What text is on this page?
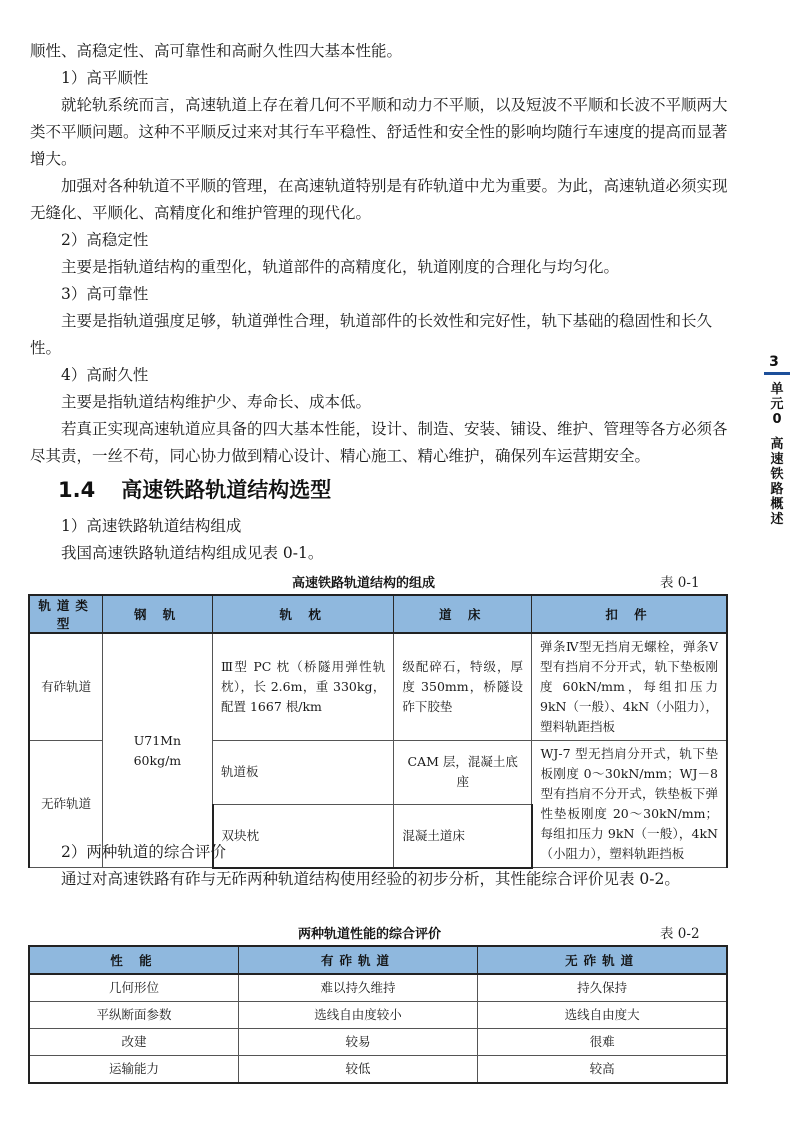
顺性、高稳定性、高可靠性和高耐久性四大基本性能。

1）高平顺性

就轮轨系统而言，高速轨道上存在着几何不平顺和动力不平顺，以及短波不平顺和长波不平顺两大类不平顺问题。这种不平顺反过来对其行车平稳性、舒适性和安全性的影响均随行车速度的提高而显著增大。

加强对各种轨道不平顺的管理，在高速轨道特别是有砟轨道中尤为重要。为此，高速轨道必须实现无缝化、平顺化、高精度化和维护管理的现代化。

2）高稳定性

主要是指轨道结构的重型化，轨道部件的高精度化，轨道刚度的合理化与均匀化。

3）高可靠性

主要是指轨道强度足够，轨道弹性合理，轨道部件的长效性和完好性，轨下基础的稳固性和长久性。

4）高耐久性

主要是指轨道结构维护少、寿命长、成本低。

若真正实现高速轨道应具备的四大基本性能，设计、制造、安装、铺设、维护、管理等各方必须各尽其责，一丝不苟，同心协力做到精心设计、精心施工、精心维护，确保列车运营期安全。

1.4 高速铁路轨道结构选型

1）高速铁路轨道结构组成

我国高速铁路轨道结构组成见表 0-1。

高速铁路轨道结构的组成	表 0-1
轨道类型	钢 轨	轨 枕	道 床	扣 件
有砟轨道	U71Mn
60kg/m	Ⅲ型 PC 枕（桥隧用弹性轨枕），长 2.6m，重 330kg，配置 1667 根/km	级配碎石，特级，厚度 350mm，桥隧设砟下胶垫	弹条Ⅳ型无挡肩无螺栓，弹条Ⅴ型有挡肩不分开式，轨下垫板刚度 60kN/mm，每组扣压力 9kN（一般）、4kN（小阻力），塑料轨距挡板
无砟轨道		轨道板	CAM 层，混凝土底座	WJ-7 型无挡肩分开式，轨下垫板刚度 0～30kN/mm；WJ－8 型有挡肩不分开式，铁垫板下弹性垫板刚度 20～30kN/mm；每组扣压力 9kN（一般），4kN（小阻力），塑料轨距挡板
		双块枕	混凝土道床	

2）两种轨道的综合评价

通过对高速铁路有砟与无砟两种轨道结构使用经验的初步分析，其性能综合评价见表 0-2。

两种轨道性能的综合评价	表 0-2
性 能	有砟轨道	无砟轨道
几何形位	难以持久维持	持久保持
平纵断面参数	选线自由度较小	选线自由度大
改建	较易	很难
运输能力	较低	较高
3
单
元
0
高
速
铁
路
概
述
